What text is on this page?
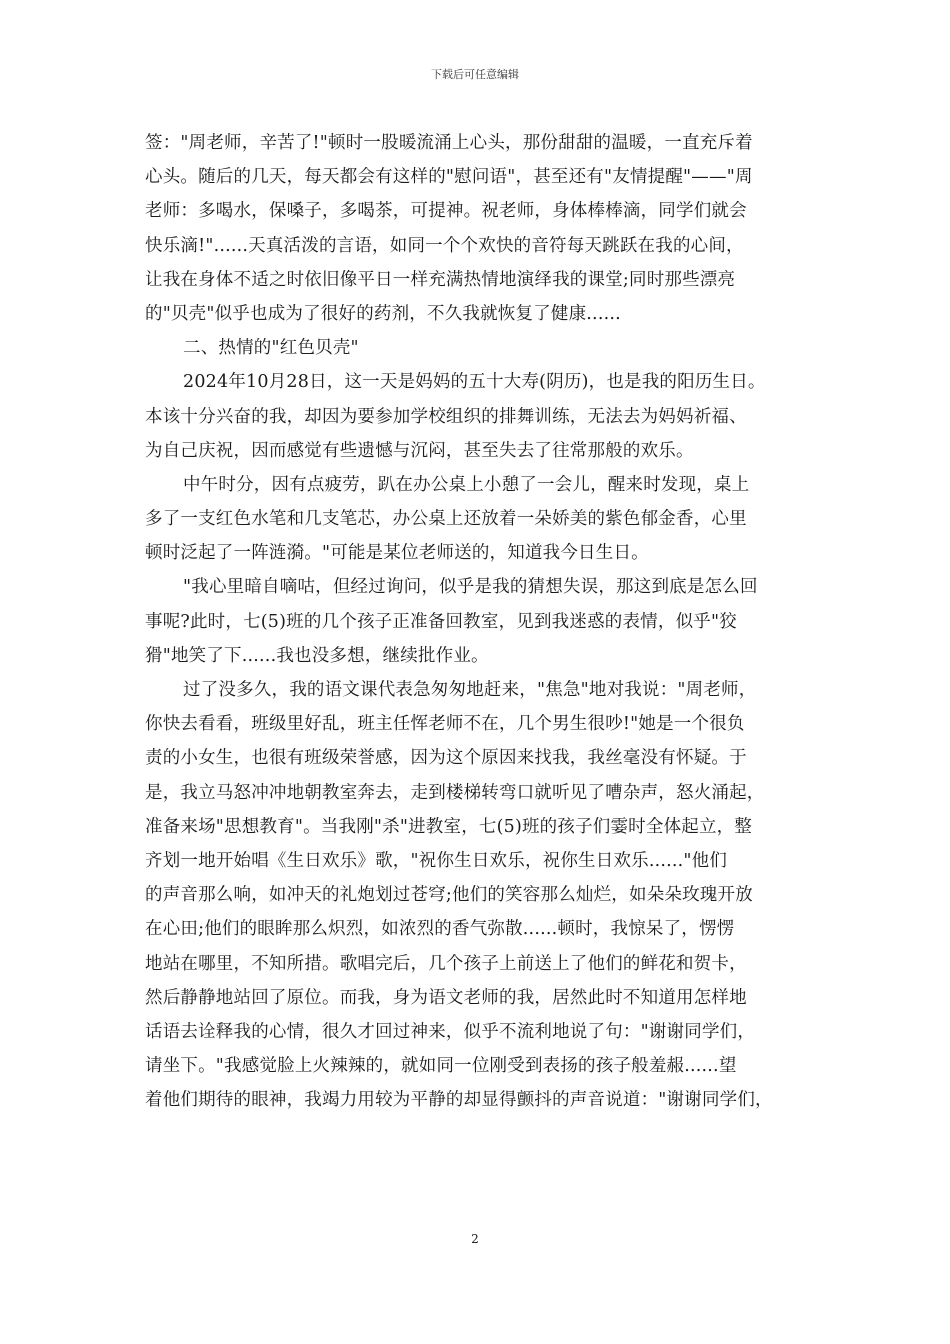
下载后可任意编辑
签："周老师，辛苦了!"顿时一股暖流涌上心头，那份甜甜的温暖，一直充斥着
心头。随后的几天，每天都会有这样的"慰问语"，甚至还有"友情提醒"——"周
老师：多喝水，保嗓子，多喝茶，可提神。祝老师，身体棒棒滴，同学们就会
快乐滴!"......天真活泼的言语，如同一个个欢快的音符每天跳跃在我的心间，
让我在身体不适之时依旧像平日一样充满热情地演绎我的课堂;同时那些漂亮
的"贝壳"似乎也成为了很好的药剂，不久我就恢复了健康......
二、热情的"红色贝壳"
2024年10月28日，这一天是妈妈的五十大寿(阴历)，也是我的阳历生日。
本该十分兴奋的我，却因为要参加学校组织的排舞训练，无法去为妈妈祈福、
为自己庆祝，因而感觉有些遗憾与沉闷，甚至失去了往常那般的欢乐。
中午时分，因有点疲劳，趴在办公桌上小憩了一会儿，醒来时发现，桌上
多了一支红色水笔和几支笔芯，办公桌上还放着一朵娇美的紫色郁金香，心里
顿时泛起了一阵涟漪。"可能是某位老师送的，知道我今日生日。
"我心里暗自嘀咕，但经过询问，似乎是我的猜想失误，那这到底是怎么回
事呢?此时，七(5)班的几个孩子正准备回教室，见到我迷惑的表情，似乎"狡
猾"地笑了下......我也没多想，继续批作业。
过了没多久，我的语文课代表急匆匆地赶来，"焦急"地对我说："周老师，
你快去看看，班级里好乱，班主任恽老师不在，几个男生很吵!"她是一个很负
责的小女生，也很有班级荣誉感，因为这个原因来找我，我丝毫没有怀疑。于
是，我立马怒冲冲地朝教室奔去，走到楼梯转弯口就听见了嘈杂声，怒火涌起，
准备来场"思想教育"。当我刚"杀"进教室，七(5)班的孩子们霎时全体起立，整
齐划一地开始唱《生日欢乐》歌，"祝你生日欢乐，祝你生日欢乐......"他们
的声音那么响，如冲天的礼炮划过苍穹;他们的笑容那么灿烂，如朵朵玫瑰开放
在心田;他们的眼眸那么炽烈，如浓烈的香气弥散......顿时，我惊呆了，愣愣
地站在哪里，不知所措。歌唱完后，几个孩子上前送上了他们的鲜花和贺卡，
然后静静地站回了原位。而我，身为语文老师的我，居然此时不知道用怎样地
话语去诠释我的心情，很久才回过神来，似乎不流利地说了句："谢谢同学们，
请坐下。"我感觉脸上火辣辣的，就如同一位刚受到表扬的孩子般羞赧......望
着他们期待的眼神，我竭力用较为平静的却显得颤抖的声音说道："谢谢同学们，
2
